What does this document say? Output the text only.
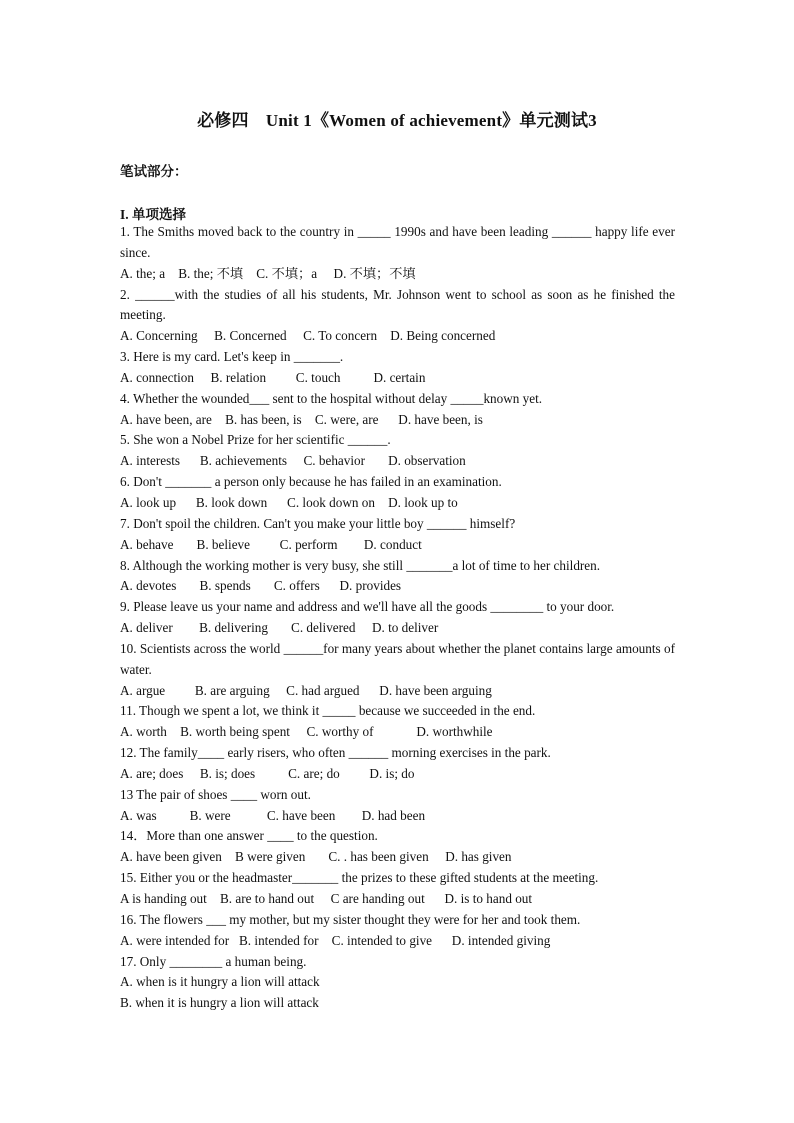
必修四　Unit 1《Women of achievement》单元测试3
笔试部分：
I. 单项选择
1. The Smiths moved back to the country in _____ 1990s and have been leading ______ happy life ever since.
A. the; a    B. the; 不填    C. 不填；a     D. 不填；不填
2. ______with the studies of all his students, Mr. Johnson went to school as soon as he finished the meeting.
A. Concerning     B. Concerned     C. To concern    D. Being concerned
3. Here is my card. Let's keep in _______.
A. connection     B. relation         C. touch          D. certain
4. Whether the wounded___ sent to the hospital without delay _____known yet.
A. have been, are    B. has been, is    C. were, are      D. have been, is
5. She won a Nobel Prize for her scientific ______.
A. interests      B. achievements     C. behavior       D. observation
6. Don't _______ a person only because he has failed in an examination.
A. look up      B. look down      C. look down on    D. look up to
7. Don't spoil the children. Can't you make your little boy ______ himself?
A. behave       B. believe         C. perform        D. conduct
8. Although the working mother is very busy, she still _______a lot of time to her children.
A. devotes       B. spends       C. offers      D. provides
9. Please leave us your name and address and we'll have all the goods ________ to your door.
A. deliver        B. delivering       C. delivered     D. to deliver
10. Scientists across the world ______for many years about whether the planet contains large amounts of water.
A. argue         B. are arguing     C. had argued      D. have been arguing
11. Though we spent a lot, we think it _____ because we succeeded in the end.
A. worth    B. worth being spent     C. worthy of             D. worthwhile
12. The family____ early risers, who often ______ morning exercises in the park.
A. are; does     B. is; does          C. are; do         D. is; do
13 The pair of shoes ____ worn out.
A. was          B. were           C. have been        D. had been
14．More than one answer ____ to the question.
A. have been given    B were given       C. . has been given     D. has given
15. Either you or the headmaster_______ the prizes to these gifted students at the meeting.
A is handing out    B. are to hand out     C are handing out      D. is to hand out
16. The flowers ___ my mother, but my sister thought they were for her and took them.
A. were intended for   B. intended for    C. intended to give      D. intended giving
17. Only ________ a human being.
A. when is it hungry a lion will attack
B. when it is hungry a lion will attack
